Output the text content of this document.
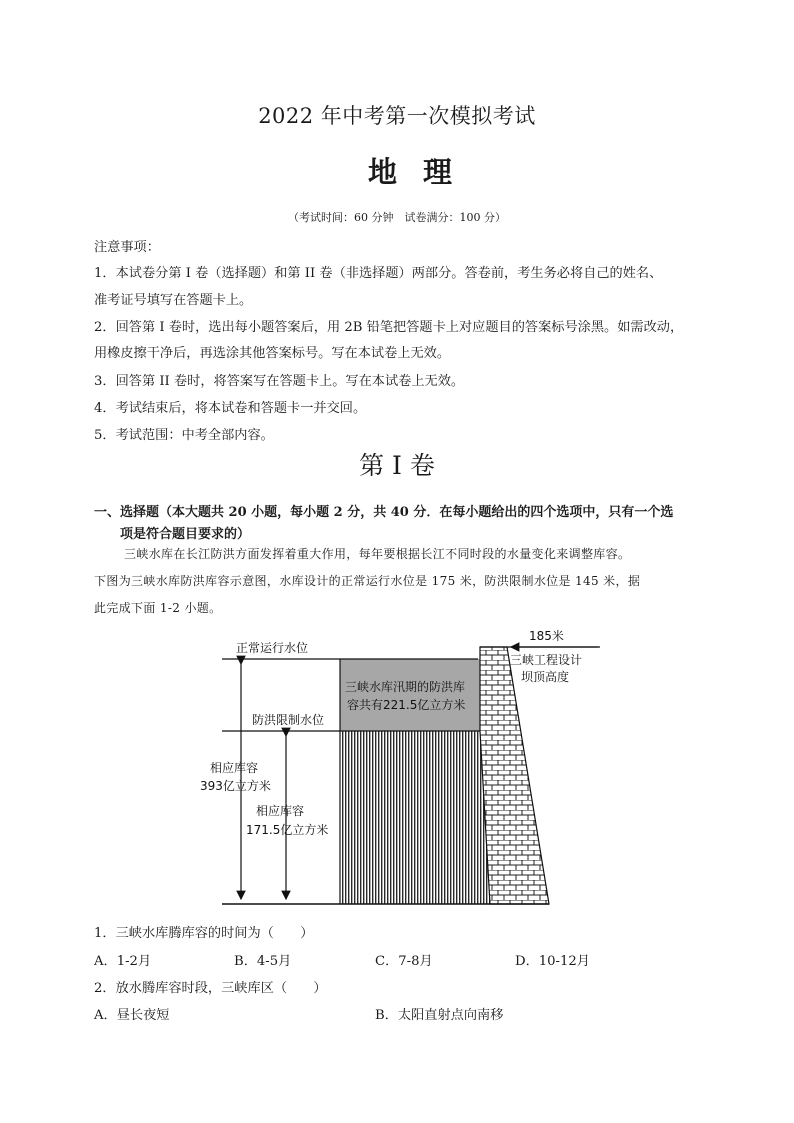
2022 年中考第一次模拟考试
地理
（考试时间：60 分钟　试卷满分：100 分）
注意事项：
1．本试卷分第 I 卷（选择题）和第 II 卷（非选择题）两部分。答卷前，考生务必将自己的姓名、
准考证号填写在答题卡上。
2．回答第 I 卷时，选出每小题答案后，用 2B 铅笔把答题卡上对应题目的答案标号涂黑。如需改动，
用橡皮擦干净后，再选涂其他答案标号。写在本试卷上无效。
3．回答第 II 卷时，将答案写在答题卡上。写在本试卷上无效。
4．考试结束后，将本试卷和答题卡一并交回。
5．考试范围：中考全部内容。
第 I 卷
一、选择题（本大题共 20 小题，每小题 2 分，共 40 分．在每小题给出的四个选项中，只有一个选
项是符合题目要求的）
三峡水库在长江防洪方面发挥着重大作用，每年要根据长江不同时段的水量变化来调整库容。
下图为三峡水库防洪库容示意图，水库设计的正常运行水位是 175 米，防洪限制水位是 145 米，据
此完成下面 1-2 小题。
正常运行水位
防洪限制水位
三峡水库汛期的防洪库
容共有221.5亿立方米
相应库容
393亿立方米
相应库容
171.5亿立方米
185米
三峡工程设计
坝顶高度
1．三峡水库腾库容的时间为（　　）
A．1-2月	B．4-5月	C．7-8月	D．10-12月
2．放水腾库容时段，三峡库区（　　）
A．昼长夜短	B．太阳直射点向南移
